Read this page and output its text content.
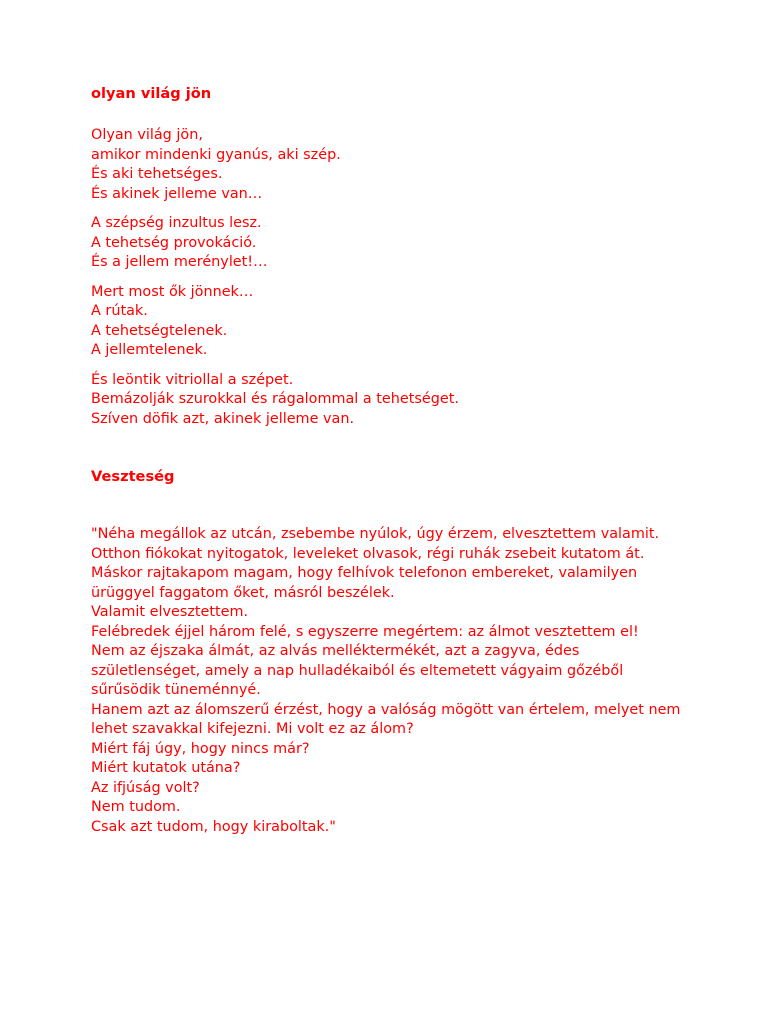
olyan világ jön
Olyan világ jön,
amikor mindenki gyanús, aki szép.
És aki tehetséges.
És akinek jelleme van…
A szépség inzultus lesz.
A tehetség provokáció.
És a jellem merénylet!…
Mert most ők jönnek…
A rútak.
A tehetségtelenek.
A jellemtelenek.
És leöntik vitriollal a szépet.
Bemázolják szurokkal és rágalommal a tehetséget.
Szíven döfik azt, akinek jelleme van.
Veszteség
"Néha megállok az utcán, zsebembe nyúlok, úgy érzem, elvesztettem valamit.
Otthon fiókokat nyitogatok, leveleket olvasok, régi ruhák zsebeit kutatom át.
Máskor rajtakapom magam, hogy felhívok telefonon embereket, valamilyen ürüggyel faggatom őket, másról beszélek.
Valamit elvesztettem.
Felébredek éjjel három felé, s egyszerre megértem: az álmot vesztettem el!
Nem az éjszaka álmát, az alvás melléktermékét, azt a zagyva, édes születlenséget, amely a nap hulladékaiból és eltemetett vágyaim gőzéből sűrűsödik tüneménnyé.
Hanem azt az álomszerű érzést, hogy a valóság mögött van értelem, melyet nem lehet szavakkal kifejezni. Mi volt ez az álom?
Miért fáj úgy, hogy nincs már?
Miért kutatok utána?
Az ifjúság volt?
Nem tudom.
Csak azt tudom, hogy kiraboltak."
